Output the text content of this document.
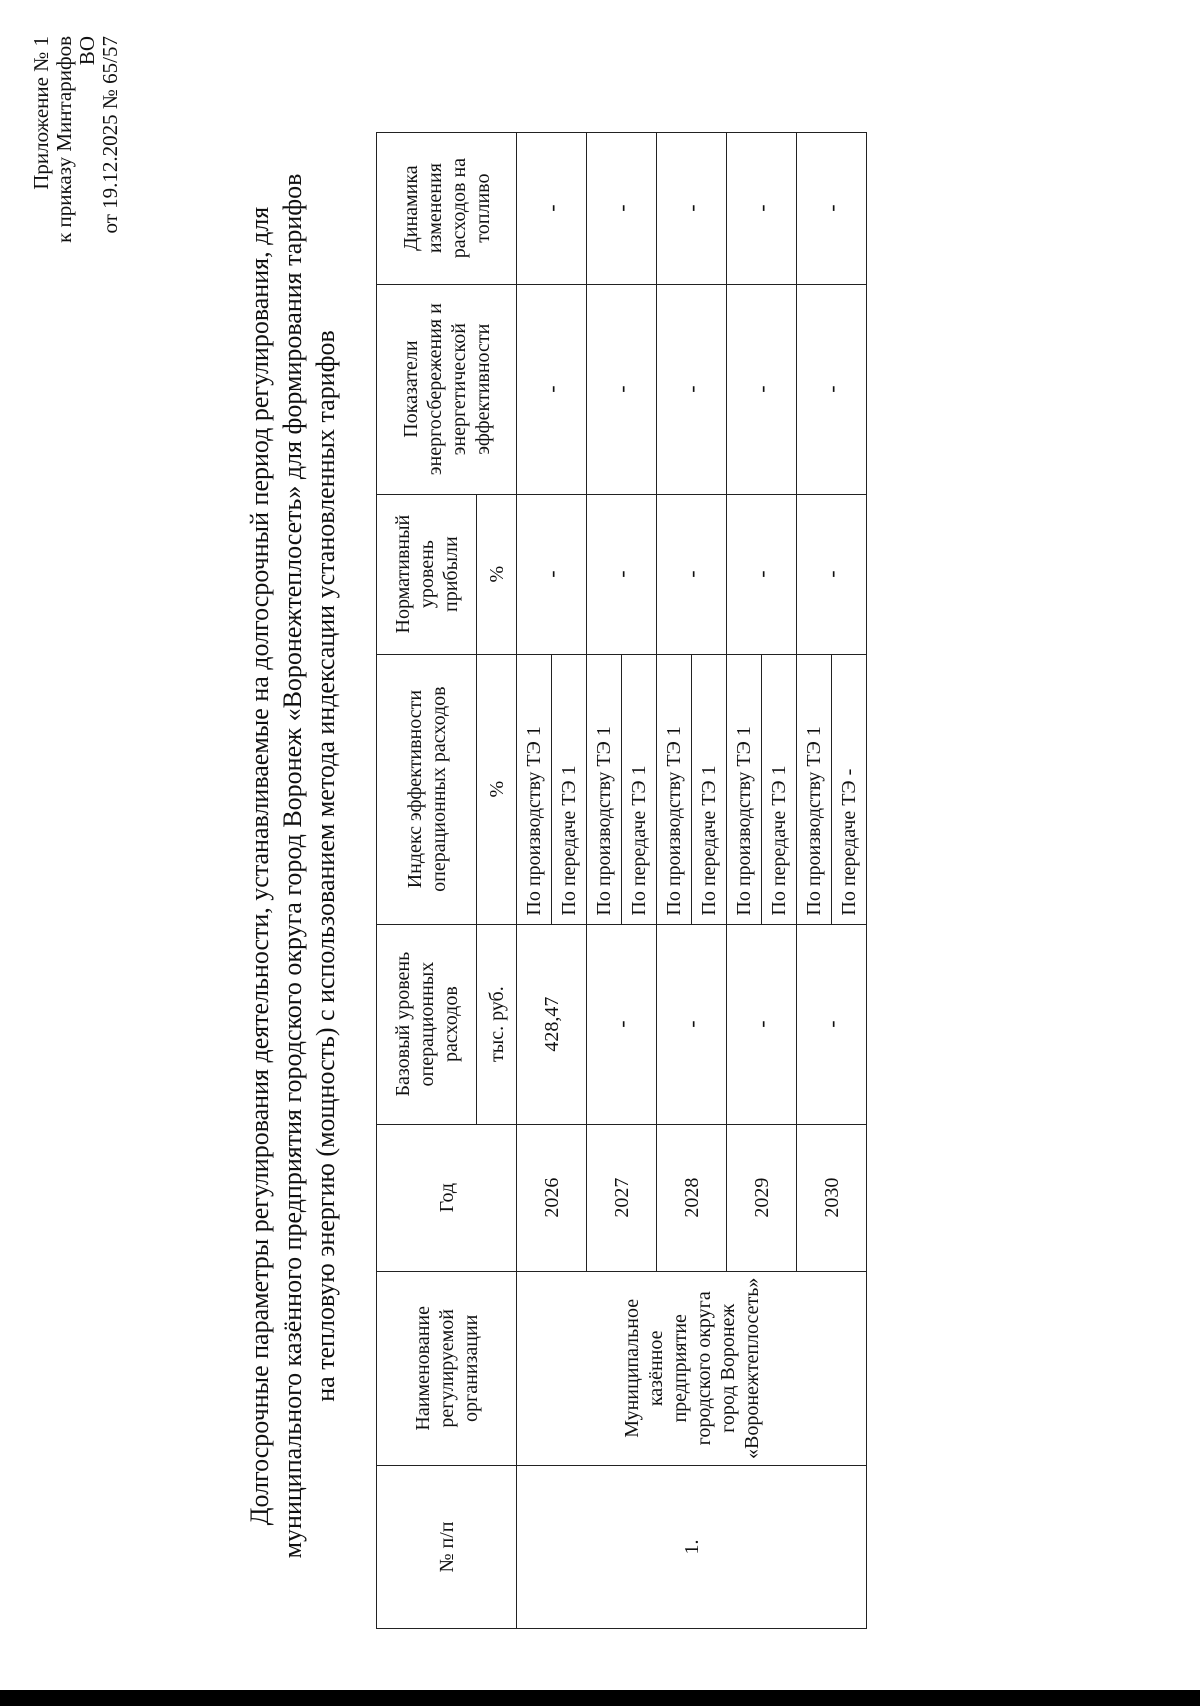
Приложение № 1 к приказу Минтарифов ВО от 19.12.2025 № 65/57
Долгосрочные параметры регулирования деятельности, устанавливаемые на долгосрочный период регулирования, для муниципального казённого предприятия городского округа город Воронеж «Воронежтеплосеть» для формирования тарифов на тепловую энергию (мощность) с использованием метода индексации установленных тарифов
№ п/п	Наименование регулируемой организации	Год	Базовый уровень операционных расходов	Индекс эффективности операционных расходов	Нормативный уровень прибыли	Показатели энергосбережения и энергетической эффективности	Динамика изменения расходов на топливо
			тыс. руб.	%	%		
1.	Муниципальное казённое предприятие городского округа город Воронеж «Воронежтеплосеть»	2026	428,47	По производству ТЭ 1	-	-	-
				По передаче ТЭ 1			
		2027	-	По производству ТЭ 1	-	-	-
				По передаче ТЭ 1			
		2028	-	По производству ТЭ 1	-	-	-
				По передаче ТЭ 1			
		2029	-	По производству ТЭ 1	-	-	-
				По передаче ТЭ 1			
		2030	-	По производству ТЭ 1	-	-	-
				По передаче ТЭ -			
